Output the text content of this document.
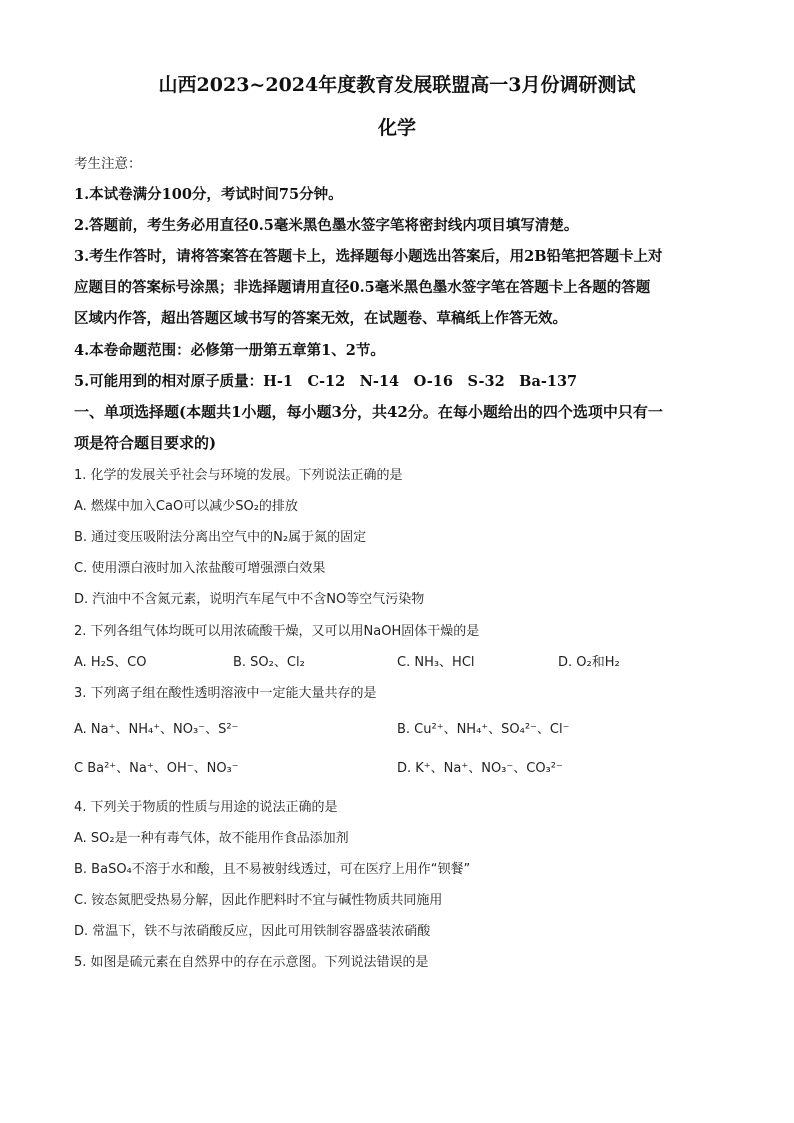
山西2023~2024年度教育发展联盟高一3月份调研测试
化学
考生注意：
1.本试卷满分100分，考试时间75分钟。
2.答题前，考生务必用直径0.5毫米黑色墨水签字笔将密封线内项目填写清楚。
3.考生作答时，请将答案答在答题卡上，选择题每小题选出答案后，用2B铅笔把答题卡上对
应题目的答案标号涂黑；非选择题请用直径0.5毫米黑色墨水签字笔在答题卡上各题的答题
区域内作答，超出答题区域书写的答案无效，在试题卷、草稿纸上作答无效。
4.本卷命题范围：必修第一册第五章第1、2节。
5.可能用到的相对原子质量：H-1　C-12　N-14　O-16　S-32　Ba-137
一、单项选择题(本题共1小题，每小题3分，共42分。在每小题给出的四个选项中只有一
项是符合题目要求的)
1. 化学的发展关乎社会与环境的发展。下列说法正确的是
A. 燃煤中加入CaO可以减少SO₂的排放
B. 通过变压吸附法分离出空气中的N₂属于氮的固定
C. 使用漂白液时加入浓盐酸可增强漂白效果
D. 汽油中不含氮元素，说明汽车尾气中不含NO等空气污染物
2. 下列各组气体均既可以用浓硫酸干燥，又可以用NaOH固体干燥的是
A. H₂S、CO	B. SO₂、Cl₂	C. NH₃、HCl	D. O₂和H₂
3. 下列离子组在酸性透明溶液中一定能大量共存的是
A. Na⁺、NH₄⁺、NO₃⁻、S²⁻	B. Cu²⁺、NH₄⁺、SO₄²⁻、Cl⁻
C Ba²⁺、Na⁺、OH⁻、NO₃⁻	D. K⁺、Na⁺、NO₃⁻、CO₃²⁻
4. 下列关于物质的性质与用途的说法正确的是
A. SO₂是一种有毒气体，故不能用作食品添加剂
B. BaSO₄不溶于水和酸，且不易被射线透过，可在医疗上用作“钡餐”
C. 铵态氮肥受热易分解，因此作肥料时不宜与碱性物质共同施用
D. 常温下，铁不与浓硝酸反应，因此可用铁制容器盛装浓硝酸
5. 如图是硫元素在自然界中的存在示意图。下列说法错误的是
